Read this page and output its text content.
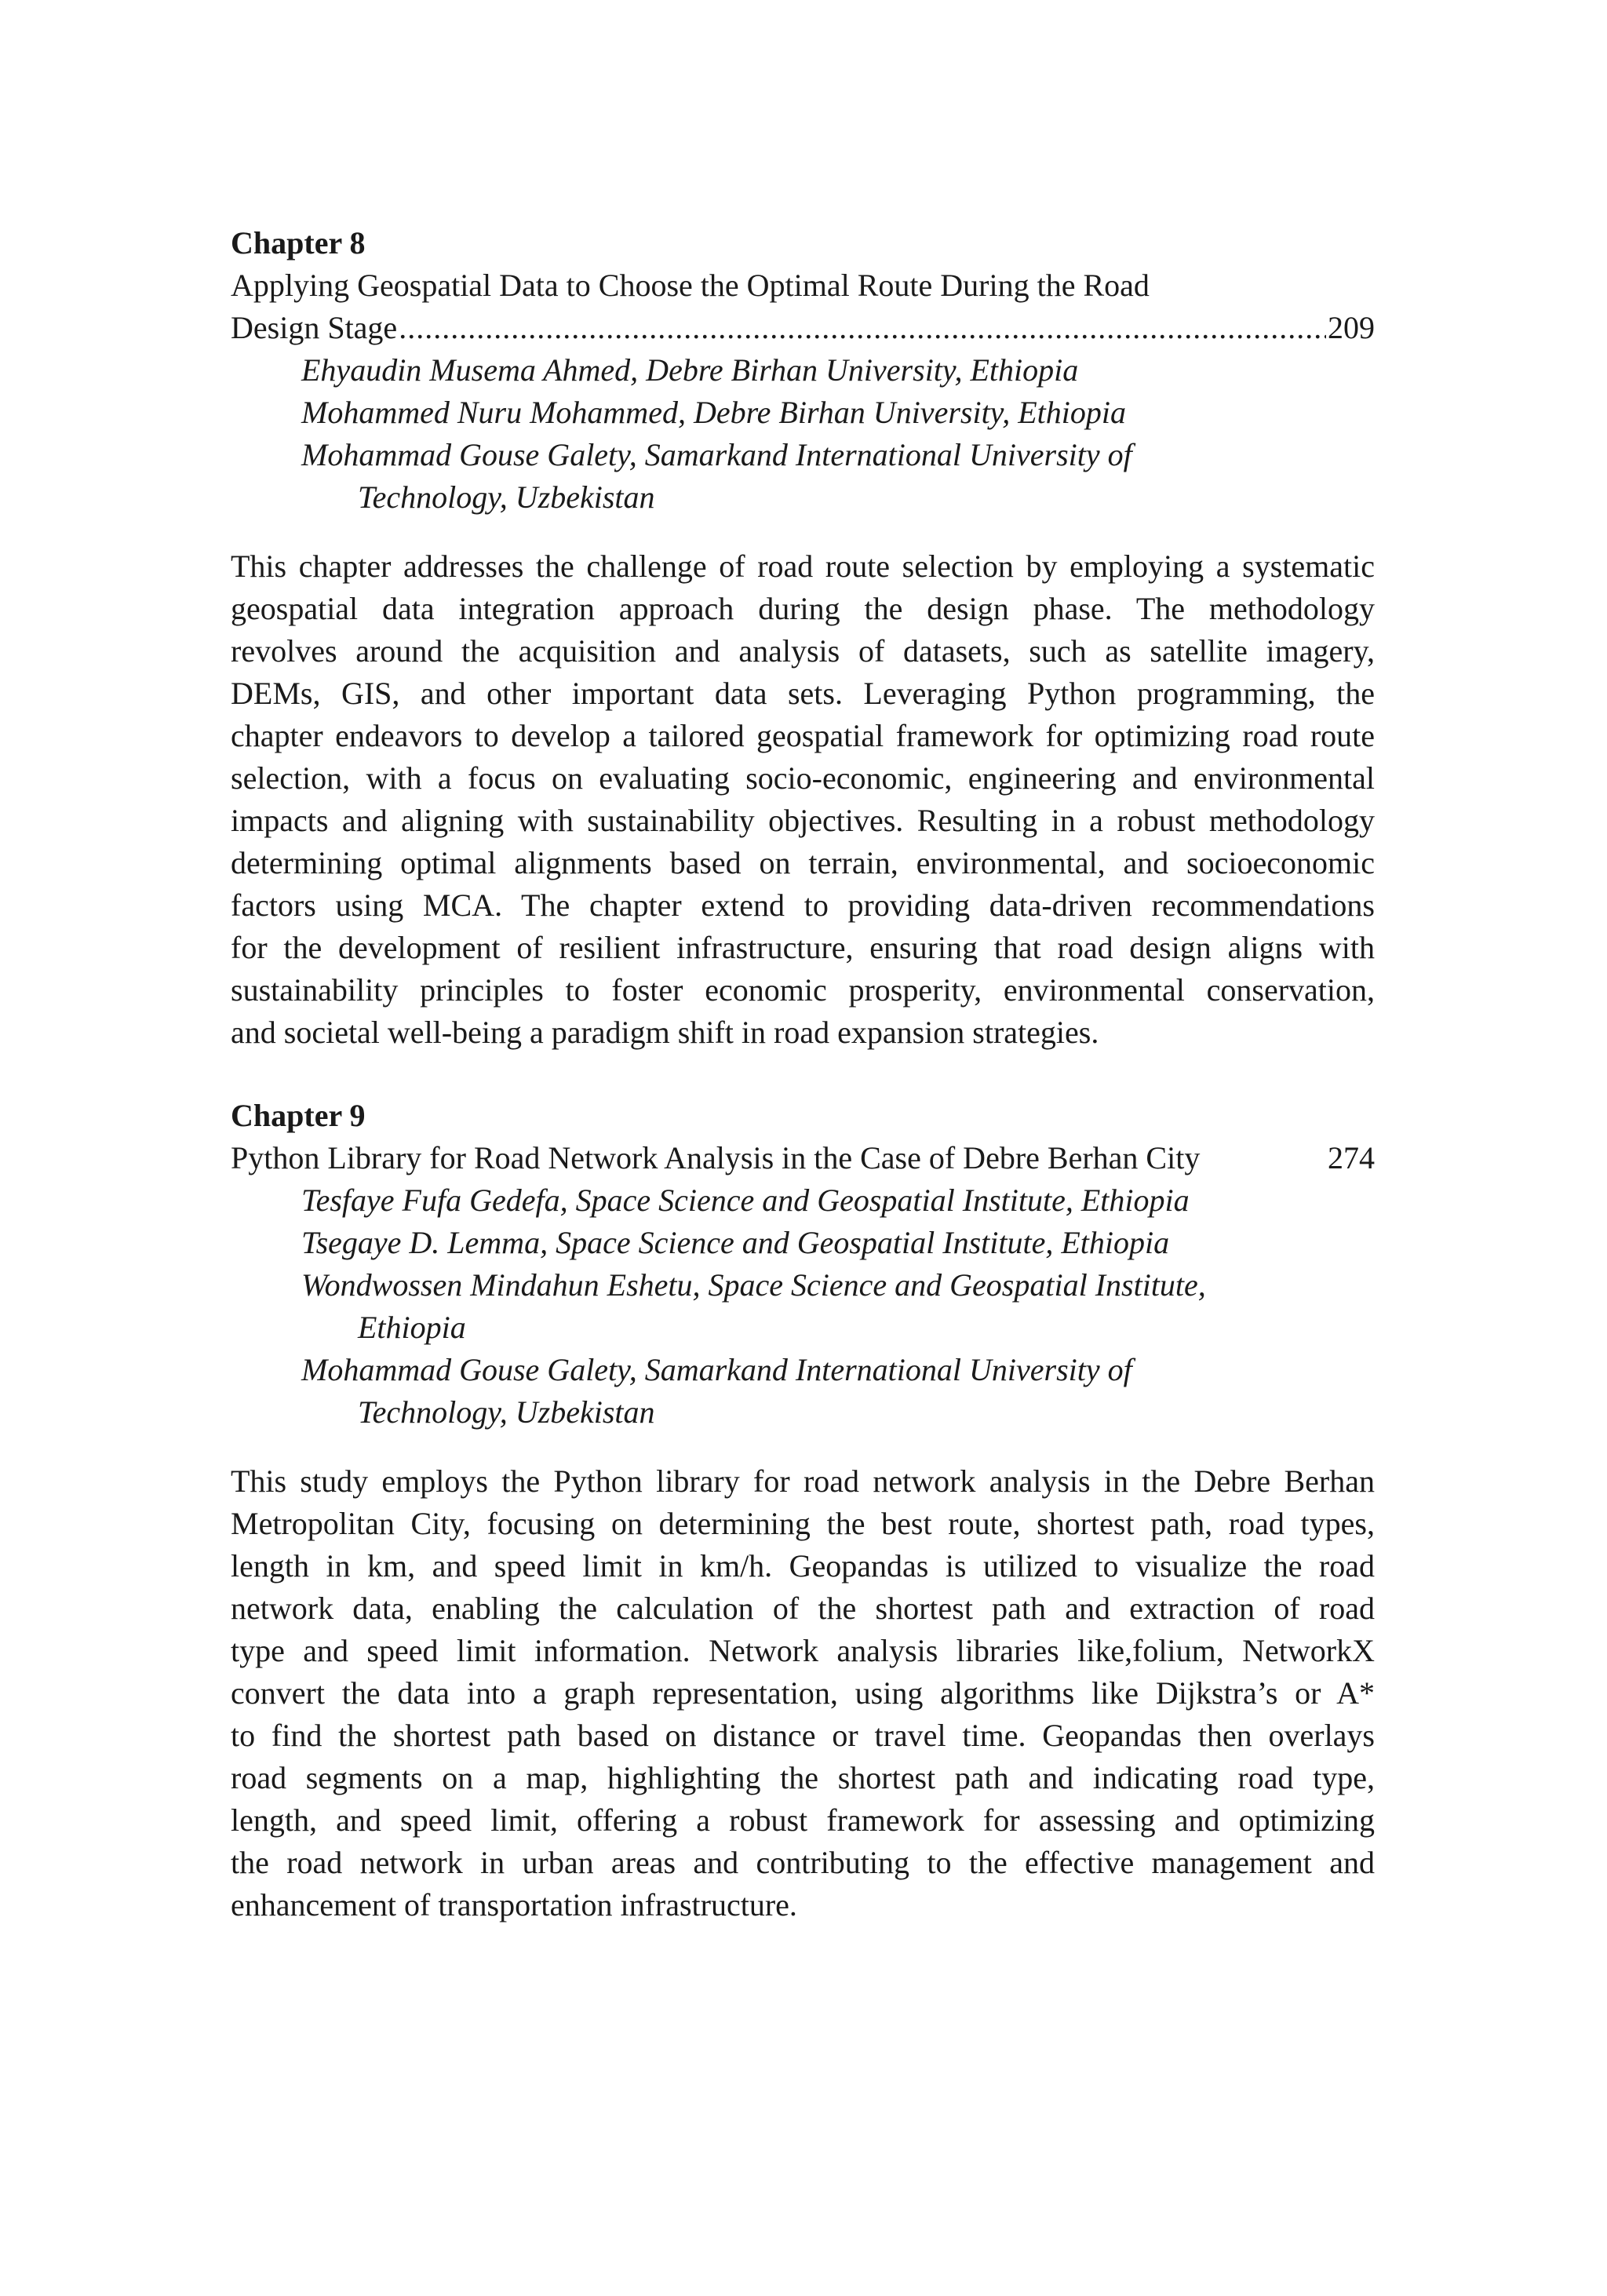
Chapter 8

Applying Geospatial Data to Choose the Optimal Route During the Road

Design Stage
.....	209
Ehyaudin Musema Ahmed, Debre Birhan University, Ethiopia
Mohammed Nuru Mohammed, Debre Birhan University, Ethiopia
Mohammad Gouse Galety, Samarkand International University of
Technology, Uzbekistan
This chapter addresses the challenge of road route selection by employing a systematic
geospatial data integration approach during the design phase. The methodology
revolves around the acquisition and analysis of datasets, such as satellite imagery,
DEMs, GIS, and other important data sets. Leveraging Python programming, the
chapter endeavors to develop a tailored geospatial framework for optimizing road route
selection, with a focus on evaluating socio-economic, engineering and environmental
impacts and aligning with sustainability objectives. Resulting in a robust methodology
determining optimal alignments based on terrain, environmental, and socioeconomic
factors using MCA. The chapter extend to providing data-driven recommendations
for the development of resilient infrastructure, ensuring that road design aligns with
sustainability principles to foster economic prosperity, environmental conservation,
and societal well-being a paradigm shift in road expansion strategies.
Chapter 9
Python Library for Road Network Analysis in the Case of Debre Berhan City	274
Tesfaye Fufa Gedefa, Space Science and Geospatial Institute, Ethiopia
Tsegaye D. Lemma, Space Science and Geospatial Institute, Ethiopia
Wondwossen Mindahun Eshetu, Space Science and Geospatial Institute,
Ethiopia
Mohammad Gouse Galety, Samarkand International University of
Technology, Uzbekistan
This study employs the Python library for road network analysis in the Debre Berhan
Metropolitan City, focusing on determining the best route, shortest path, road types,
length in km, and speed limit in km/h. Geopandas is utilized to visualize the road
network data, enabling the calculation of the shortest path and extraction of road
type and speed limit information. Network analysis libraries like,folium, NetworkX
convert the data into a graph representation, using algorithms like Dijkstra’s or A*
to find the shortest path based on distance or travel time. Geopandas then overlays
road segments on a map, highlighting the shortest path and indicating road type,
length, and speed limit, offering a robust framework for assessing and optimizing
the road network in urban areas and contributing to the effective management and
enhancement of transportation infrastructure.
